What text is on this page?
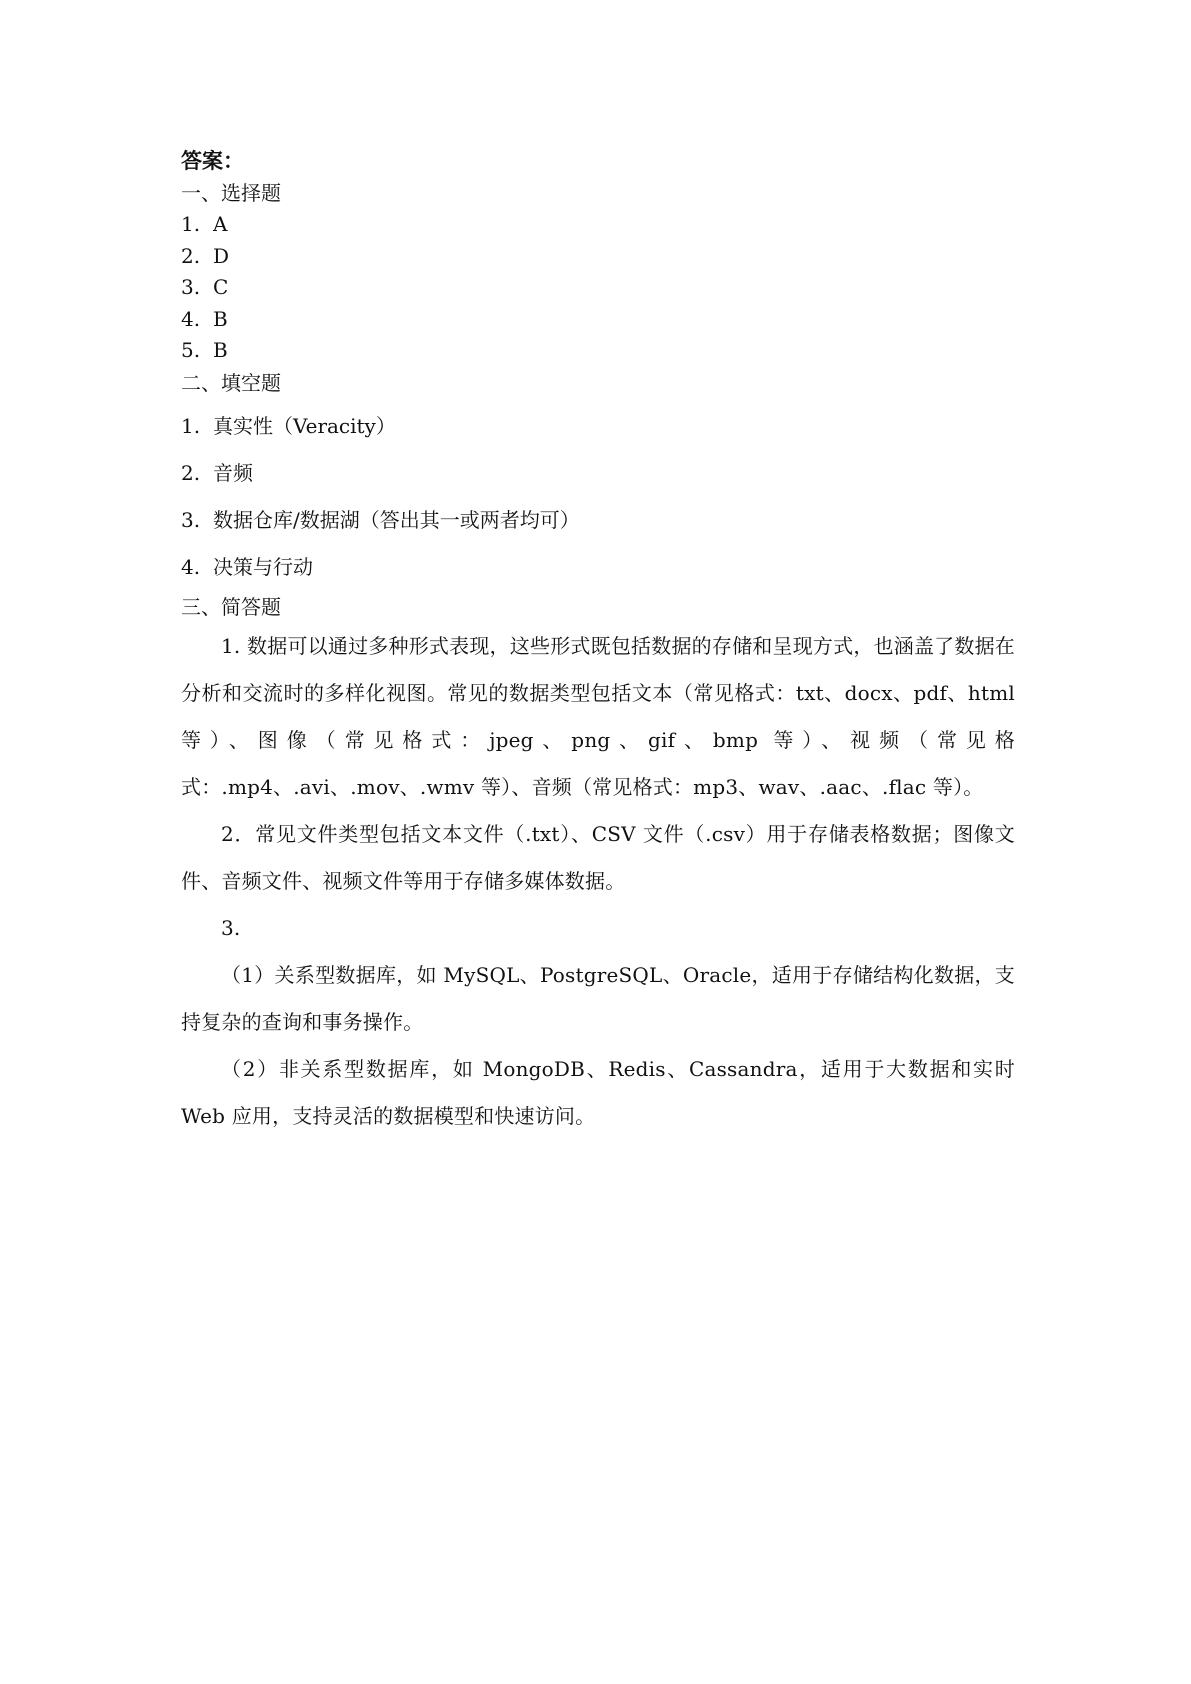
答案：

一、选择题

1. A
2. D
3. C
4. B
5. B

二、填空题

1. 真实性（Veracity）
2. 音频
3. 数据仓库/数据湖（答出其一或两者均可）
4. 决策与行动

三、简答题

1. 数据可以通过多种形式表现，这些形式既包括数据的存储和呈现方式，也涵盖了数据在分析和交流时的多样化视图。常见的数据类型包括文本（常见格式：txt、docx、pdf、html 等）、图像（常见格式：jpeg、png、gif、bmp 等）、视频（常见格式：.mp4、.avi、.mov、.wmv 等）、音频（常见格式：mp3、wav、.aac、.flac 等）。

2．常见文件类型包括文本文件（.txt）、CSV 文件（.csv）用于存储表格数据；图像文件、音频文件、视频文件等用于存储多媒体数据。

3.

（1）关系型数据库，如 MySQL、PostgreSQL、Oracle，适用于存储结构化数据，支持复杂的查询和事务操作。

（2）非关系型数据库，如 MongoDB、Redis、Cassandra，适用于大数据和实时 Web 应用，支持灵活的数据模型和快速访问。
